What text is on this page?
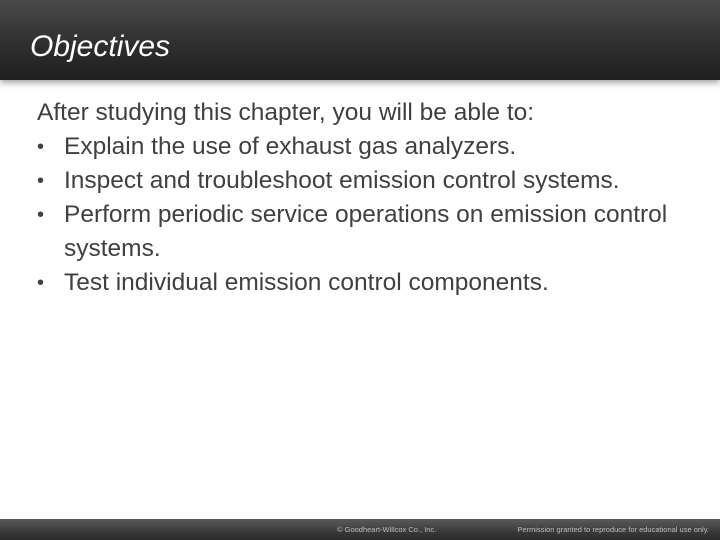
Objectives

After studying this chapter, you will be able to:

• Explain the use of exhaust gas analyzers.
• Inspect and troubleshoot emission control systems.
• Perform periodic service operations on emission control systems.
• Test individual emission control components.
© Goodheart-Willcox Co., Inc.	Permission granted to reproduce for educational use only.
